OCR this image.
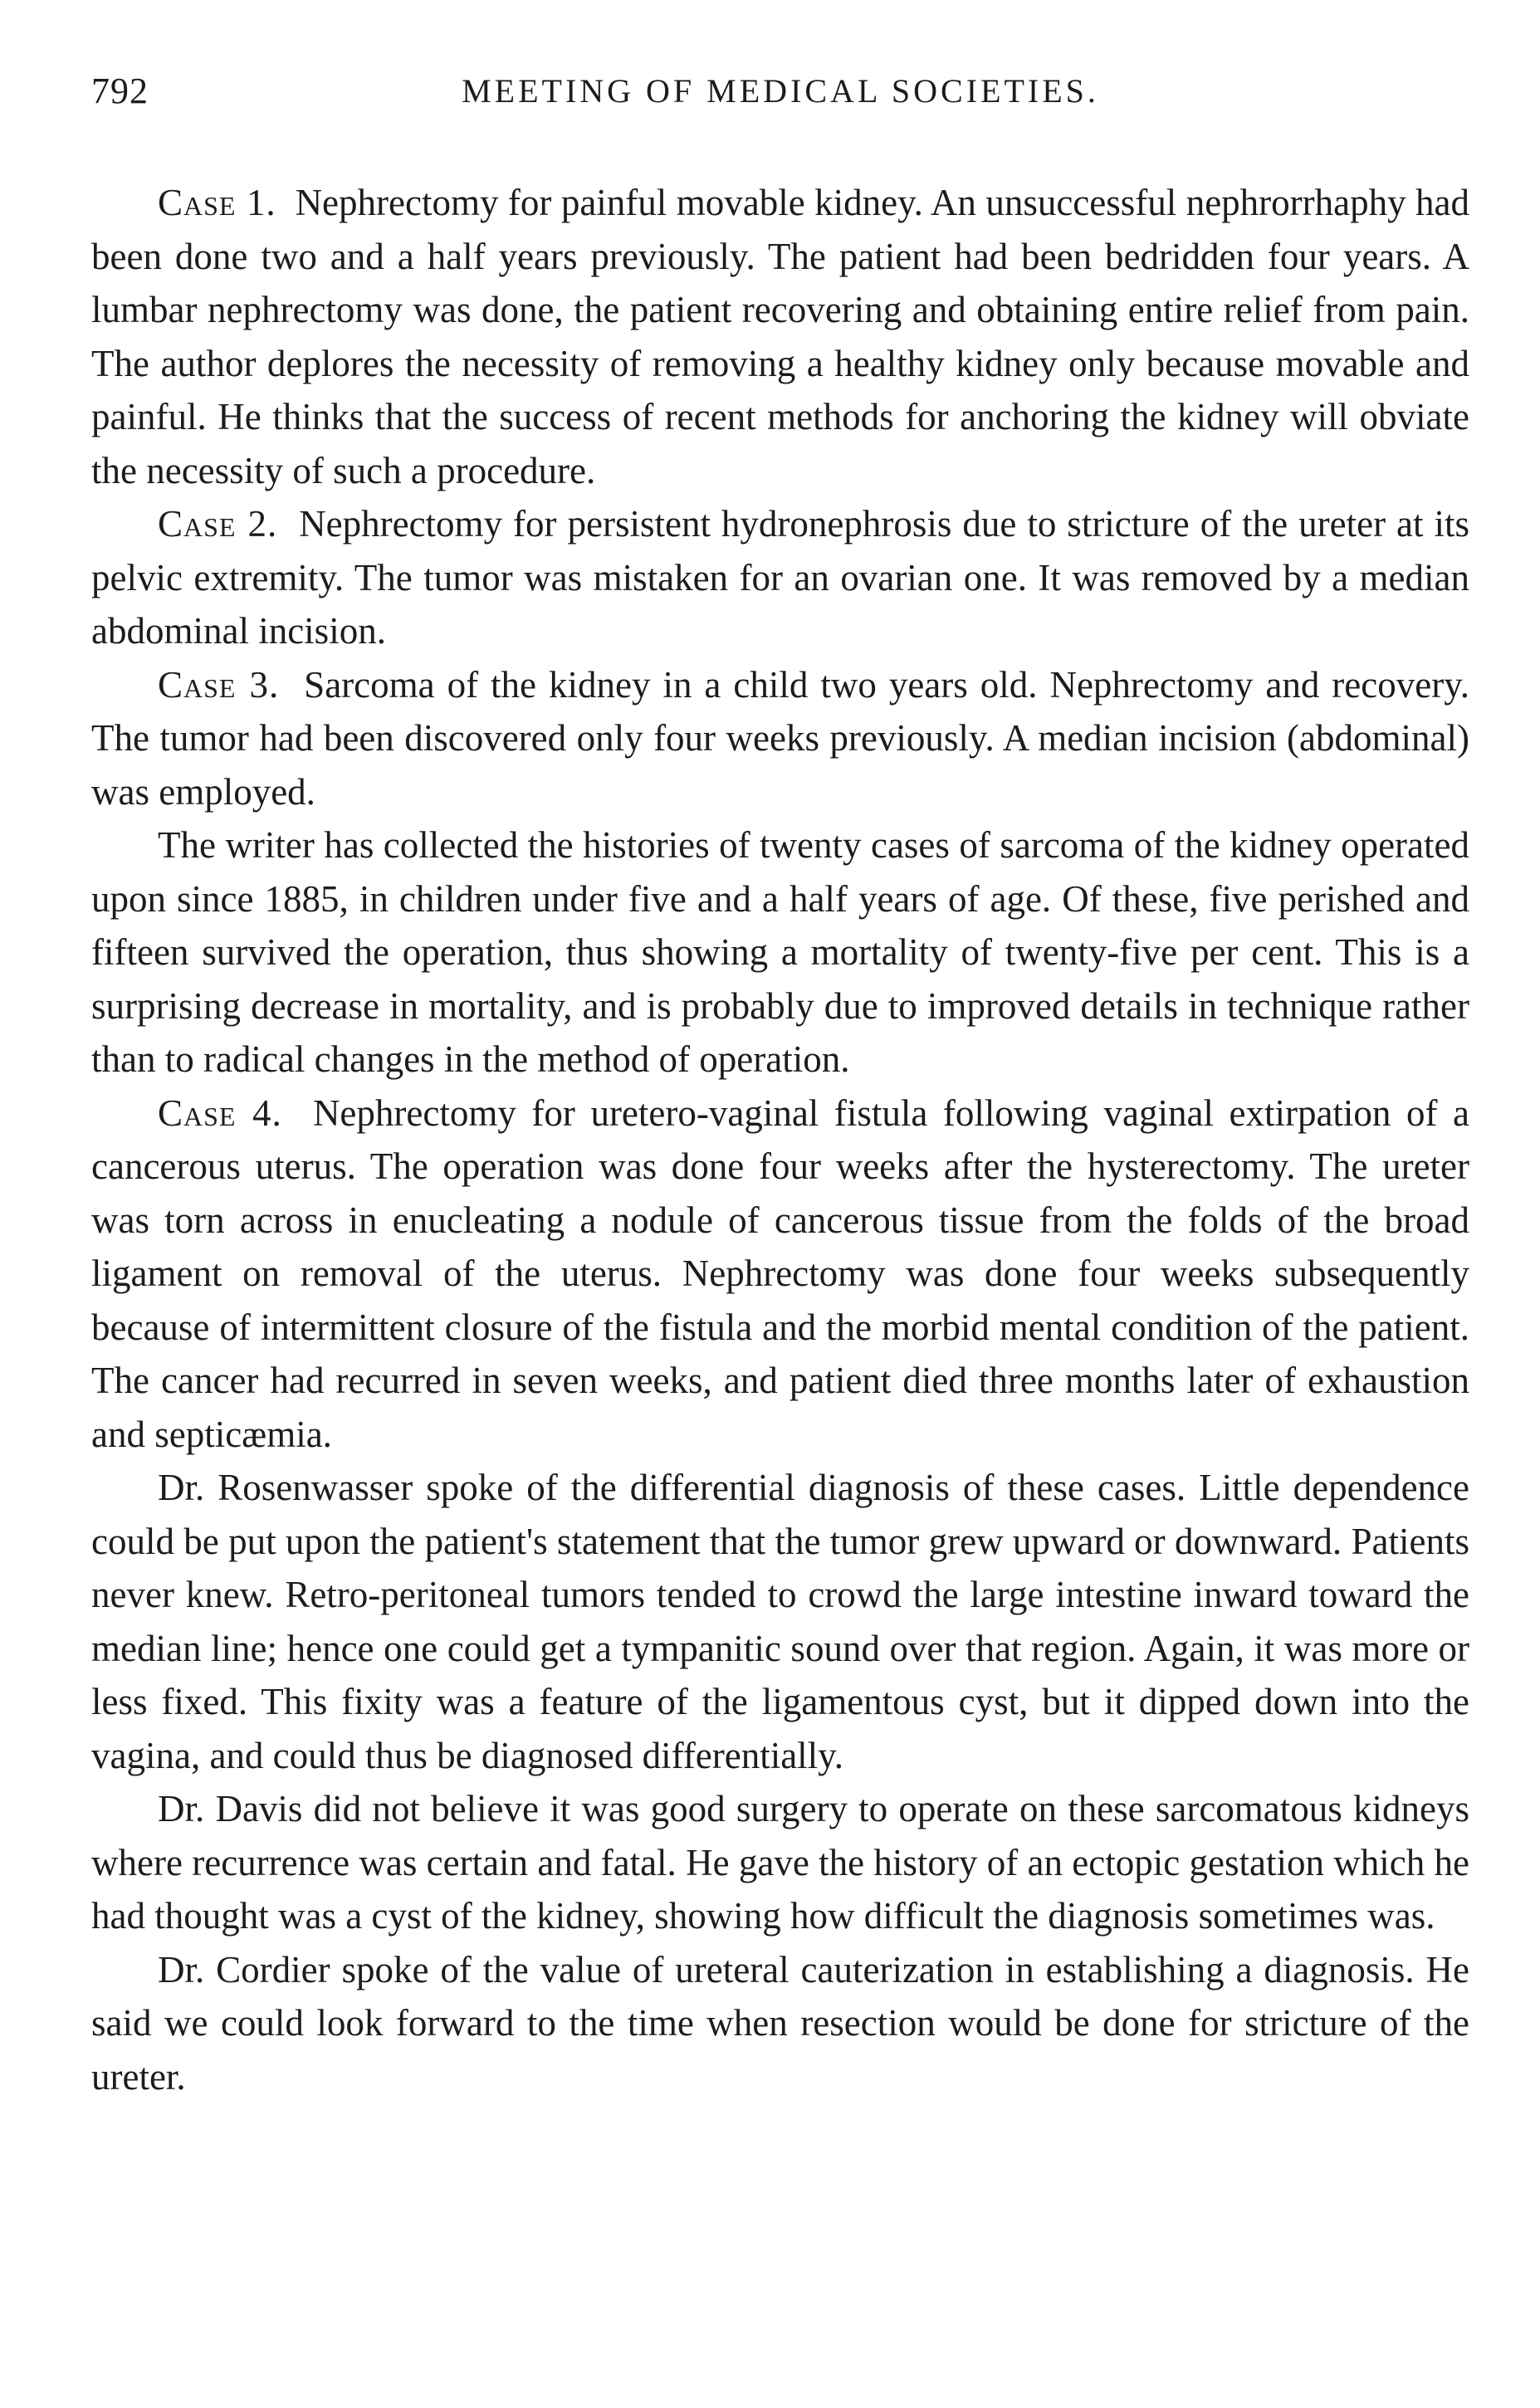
792	MEETING OF MEDICAL SOCIETIES.

Case 1. Nephrectomy for painful movable kidney. An unsuccessful nephrorrhaphy had been done two and a half years previously. The patient had been bedridden four years. A lumbar nephrectomy was done, the patient recovering and obtaining entire relief from pain. The author deplores the necessity of removing a healthy kidney only because movable and painful. He thinks that the success of recent methods for anchoring the kidney will obviate the necessity of such a procedure.

Case 2. Nephrectomy for persistent hydronephrosis due to stricture of the ureter at its pelvic extremity. The tumor was mistaken for an ovarian one. It was removed by a median abdominal incision.

Case 3. Sarcoma of the kidney in a child two years old. Nephrectomy and recovery. The tumor had been discovered only four weeks previously. A median incision (abdominal) was employed.

The writer has collected the histories of twenty cases of sarcoma of the kidney operated upon since 1885, in children under five and a half years of age. Of these, five perished and fifteen survived the operation, thus showing a mortality of twenty-five per cent. This is a surprising decrease in mortality, and is probably due to improved details in technique rather than to radical changes in the method of operation.

Case 4. Nephrectomy for uretero-vaginal fistula following vaginal extirpation of a cancerous uterus. The operation was done four weeks after the hysterectomy. The ureter was torn across in enucleating a nodule of cancerous tissue from the folds of the broad ligament on removal of the uterus. Nephrectomy was done four weeks subsequently because of intermittent closure of the fistula and the morbid mental condition of the patient. The cancer had recurred in seven weeks, and patient died three months later of exhaustion and septicæmia.

Dr. Rosenwasser spoke of the differential diagnosis of these cases. Little dependence could be put upon the patient's statement that the tumor grew upward or downward. Patients never knew. Retro-peritoneal tumors tended to crowd the large intestine inward toward the median line; hence one could get a tympanitic sound over that region. Again, it was more or less fixed. This fixity was a feature of the ligamentous cyst, but it dipped down into the vagina, and could thus be diagnosed differentially.

Dr. Davis did not believe it was good surgery to operate on these sarcomatous kidneys where recurrence was certain and fatal. He gave the history of an ectopic gestation which he had thought was a cyst of the kidney, showing how difficult the diagnosis sometimes was.

Dr. Cordier spoke of the value of ureteral cauterization in establishing a diagnosis. He said we could look forward to the time when resection would be done for stricture of the ureter.
